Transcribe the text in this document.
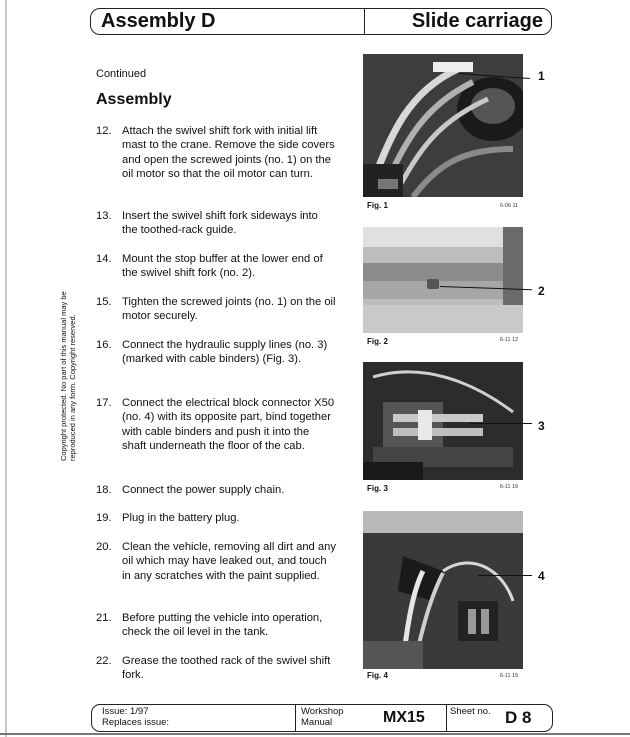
Assembly D	Slide carriage
Continued
Assembly
12. Attach the swivel shift fork with initial lift mast to the crane. Remove the side covers and open the screwed joints (no. 1) on the oil motor so that the oil motor can turn.
13. Insert the swivel shift fork sideways into the toothed-rack guide.
14. Mount the stop buffer at the lower end of the swivel shift fork (no. 2).
15. Tighten the screwed joints (no. 1) on the oil motor securely.
16. Connect the hydraulic supply lines (no. 3) (marked with cable binders) (Fig. 3).
17. Connect the electrical block connector X50 (no. 4) with its opposite part, bind together with cable binders and push it into the shaft underneath the floor of the cab.
18. Connect the power supply chain.
19. Plug in the battery plug.
20. Clean the vehicle, removing all dirt and any oil which may have leaked out, and touch in any scratches with the paint supplied.
21. Before putting the vehicle into operation, check the oil level in the tank.
22. Grease the toothed rack of the swivel shift fork.
Copyright protected. No part of this manual may be reproduced in any form. Copyright reserved.
Fig. 1	6-06 11
1
Fig. 2	6-11 12
2
Fig. 3	6-11 16
3
Fig. 4	6-11 15
4
Issue: 1/97
Replaces issue:
Workshop
Manual	MX15	Sheet no. D 8
